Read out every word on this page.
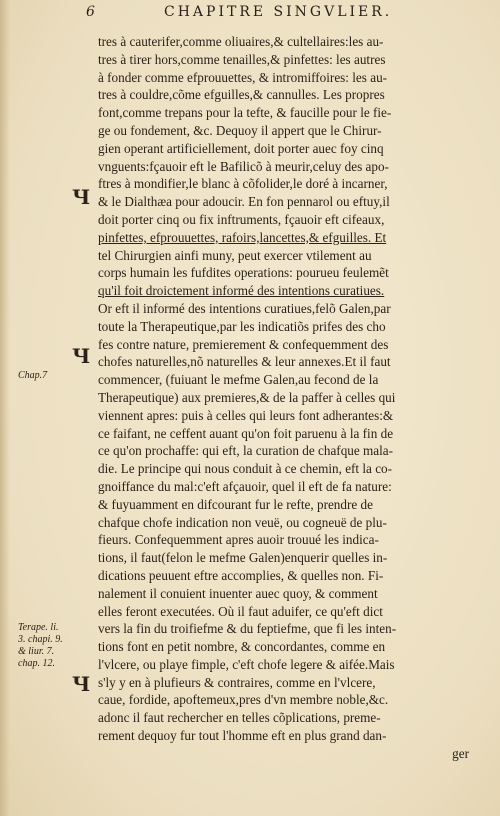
6	CHAPITRE SINGVLIER.
Ч
Ч
Ч
Chap.7
Terape. li.
3. chapi. 9.
& liur. 7.
chap. 12.
tres à cauterifer,comme oliuaires,& cultellaires:les au-
tres à tirer hors,comme tenailles,& pinfettes: les autres
à fonder comme efprouuettes, & intromiffoires: les au-
tres à couldre,cõme efguilles,& cannulles. Les propres
font,comme trepans pour la tefte, & faucille pour le fie-
ge ou fondement, &c. Dequoy il appert que le Chirur-
gien operant artificiellement, doit porter auec foy cinq
vnguents:fçauoir eft le Bafilicõ à meurir,celuy des apo-
ftres à mondifier,le blanc à cõfolider,le doré à incarner,
& le Dialthæa pour adoucir. En fon pennarol ou eftuy,il
doit porter cinq ou fix inftruments, fçauoir eft cifeaux,
pinfettes, efprouuettes, rafoirs,lancettes,& efguilles. Et
tel Chirurgien ainfi muny, peut exercer vtilement au
corps humain les fufdites operations: pourueu feulemẽt
qu'il foit droictement informé des intentions curatiues.
Or eft il informé des intentions curatiues,felõ Galen,par
toute la Therapeutique,par les indicatiõs prifes des cho
fes contre nature, premierement & confequemment des
chofes naturelles,nõ naturelles & leur annexes.Et il faut
commencer, (fuiuant le mefme Galen,au fecond de la
Therapeutique) aux premieres,& de la paffer à celles qui
viennent apres: puis à celles qui leurs font adherantes:&
ce faifant, ne ceffent auant qu'on foit paruenu à la fin de
ce qu'on prochaffe: qui eft, la curation de chafque mala-
die. Le principe qui nous conduit à ce chemin, eft la co-
gnoiffance du mal:c'eft afçauoir, quel il eft de fa nature:
& fuyuamment en difcourant fur le refte, prendre de
chafque chofe indication non veuë, ou cogneuë de plu-
fieurs. Confequemment apres auoir trouué les indica-
tions, il faut(felon le mefme Galen)enquerir quelles in-
dications peuuent eftre accomplies, & quelles non. Fi-
nalement il conuient inuenter auec quoy, & comment
elles feront executées. Où il faut aduifer, ce qu'eft dict
vers la fin du troifiefme & du feptiefme, que fi les inten-
tions font en petit nombre, & concordantes, comme en
l'vlcere, ou playe fimple, c'eft chofe legere & aifée.Mais
s'ly y en à plufieurs & contraires, comme en l'vlcere,
caue, fordide, apoftemeux,pres d'vn membre noble,&c.
adonc il faut rechercher en telles cõplications, preme-
rement dequoy fur tout l'homme eft en plus grand dan-
ger
